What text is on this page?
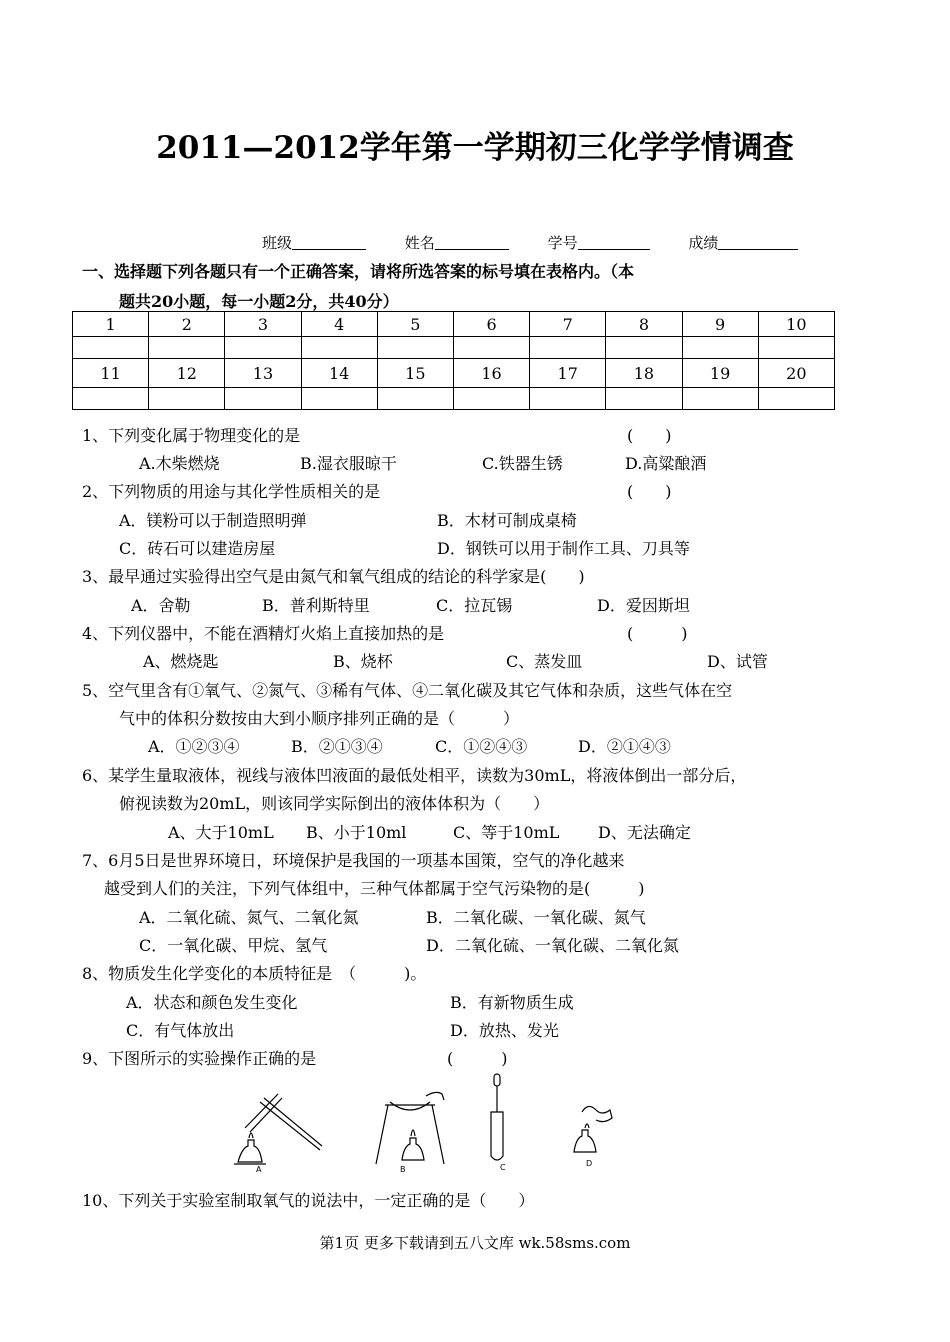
2011—2012学年第一学期初三化学学情调查
班级	姓名	学号	成绩
一、选择题下列各题只有一个正确答案，请将所选答案的标号填在表格内。（本
题共20小题，每一小题2分，共40分）
1	2	3	4	5	6	7	8	9	10

11	12	13	14	15	16	17	18	19	20

1、下列变化属于物理变化的是	(　　)
A.木柴燃烧	B.湿衣服晾干	C.铁器生锈	D.高粱酿酒
2、下列物质的用途与其化学性质相关的是	(　　)
A．镁粉可以于制造照明弹	B．木材可制成桌椅
C．砖石可以建造房屋	D．钢铁可以用于制作工具、刀具等
3、最早通过实验得出空气是由氮气和氧气组成的结论的科学家是(　　)
A．舍勒	B．普利斯特里	C．拉瓦锡	D．爱因斯坦
4、下列仪器中，不能在酒精灯火焰上直接加热的是	(　　　)
A、燃烧匙	B、烧杯	C、蒸发皿	D、试管
5、空气里含有①氧气、②氮气、③稀有气体、④二氧化碳及其它气体和杂质，这些气体在空
气中的体积分数按由大到小顺序排列正确的是（　　　）
A．①②③④	B．②①③④	C．①②④③	D．②①④③
6、某学生量取液体，视线与液体凹液面的最低处相平，读数为30mL，将液体倒出一部分后，
俯视读数为20mL，则该同学实际倒出的液体体积为（　　）
A、大于10mL B、小于10ml	C、等于10mL D、无法确定
7、6月5日是世界环境日，环境保护是我国的一项基本国策，空气的净化越来
越受到人们的关注，下列气体组中，三种气体都属于空气污染物的是(　　　)
A．二氧化硫、氮气、二氧化氮	B．二氧化碳、一氧化碳、氮气
C．一氧化碳、甲烷、氢气	D．二氧化硫、一氧化碳、二氧化氮
8、物质发生化学变化的本质特征是　（　　　)。
A．状态和颜色发生变化	B．有新物质生成
C．有气体放出	D．放热、发光
9、下图所示的实验操作正确的是	(　　　)
A	B	C	D
10、下列关于实验室制取氧气的说法中，一定正确的是（　　）
第1页 更多下载请到五八文库 wk.58sms.com
